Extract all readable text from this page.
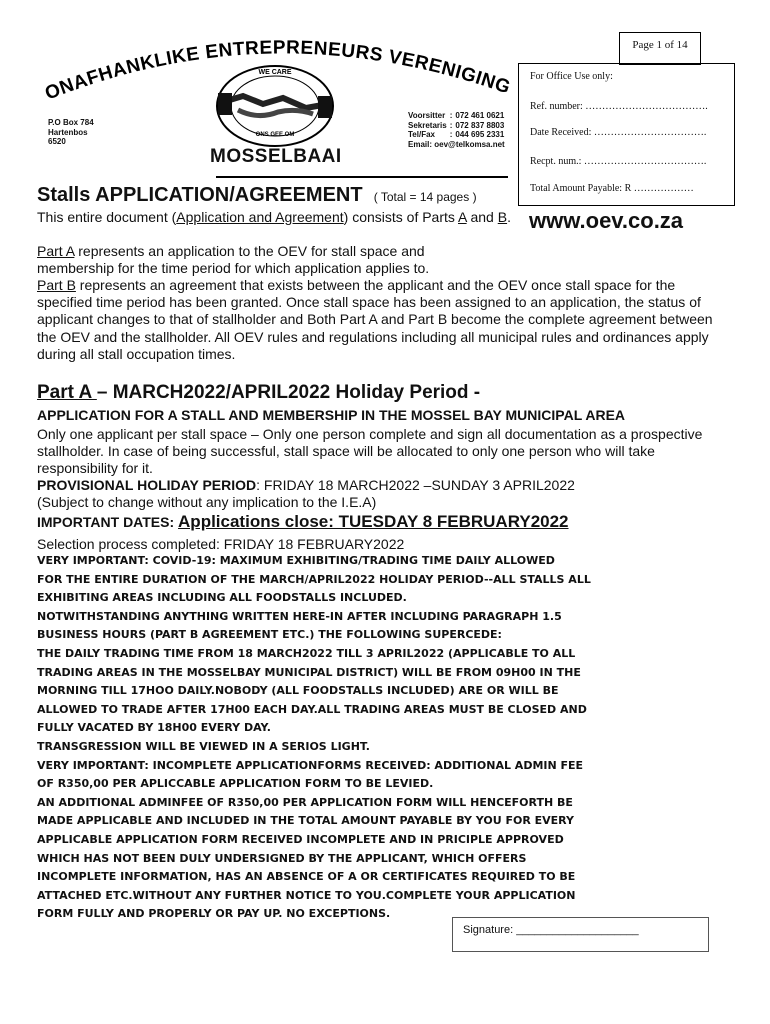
Page 1 of 14
For Office Use only:
Ref. number: ……………………………….
Date Received: …………………………….
Recpt. num.: ……………………………….
Total Amount Payable: R ………………
ONAFHANKLIKE ENTREPRENEURS VERENIGING
WE CARE
ONS GEE OM
P.O Box 784
Hartenbos
6520
Voorsitter	:	072 461 0621
Sekretaris	:	072 837 8803
Tel/Fax	:	044 695 2331
Email: oev@telkomsa.net
MOSSELBAAI
Stalls APPLICATION/AGREEMENT ( Total = 14 pages )
www.oev.co.za
This entire document (Application and Agreement) consists of Parts A and B.
Part A represents an application to the OEV for stall space and membership for the time period for which application applies to.
Part B represents an agreement that exists between the applicant and the OEV once stall space for the specified time period has been granted. Once stall space has been assigned to an application, the status of applicant changes to that of stallholder and Both Part A and Part B become the complete agreement between the OEV and the stallholder. All OEV rules and regulations including all municipal rules and ordinances apply during all stall occupation times.
Part A – MARCH2022/APRIL2022 Holiday Period -
APPLICATION FOR A STALL AND MEMBERSHIP IN THE MOSSEL BAY MUNICIPAL AREA
Only one applicant per stall space – Only one person complete and sign all documentation as a prospective stallholder. In case of being successful, stall space will be allocated to only one person who will take responsibility for it.
PROVISIONAL HOLIDAY PERIOD: FRIDAY 18 MARCH2022 –SUNDAY 3 APRIL2022
(Subject to change without any implication to the I.E.A)
IMPORTANT DATES: Applications close: TUESDAY 8 FEBRUARY2022
Selection process completed: FRIDAY 18 FEBRUARY2022
VERY IMPORTANT: COVID-19: MAXIMUM EXHIBITING/TRADING TIME DAILY ALLOWED
FOR THE ENTIRE DURATION OF THE MARCH/APRIL2022 HOLIDAY PERIOD--ALL STALLS ALL
EXHIBITING AREAS INCLUDING ALL FOODSTALLS INCLUDED.
NOTWITHSTANDING ANYTHING WRITTEN HERE-IN AFTER INCLUDING PARAGRAPH 1.5
BUSINESS HOURS (PART B AGREEMENT ETC.) THE FOLLOWING SUPERCEDE:
THE DAILY TRADING TIME FROM 18 MARCH2022 TILL 3 APRIL2022 (APPLICABLE TO ALL
TRADING AREAS IN THE MOSSELBAY MUNICIPAL DISTRICT) WILL BE FROM 09H00 IN THE
MORNING TILL 17HOO DAILY.NOBODY (ALL FOODSTALLS INCLUDED) ARE OR WILL BE
ALLOWED TO TRADE AFTER 17H00 EACH DAY.ALL TRADING AREAS MUST BE CLOSED AND
FULLY VACATED BY 18H00 EVERY DAY.
TRANSGRESSION WILL BE VIEWED IN A SERIOS LIGHT.
VERY IMPORTANT: INCOMPLETE APPLICATIONFORMS RECEIVED: ADDITIONAL ADMIN FEE
OF R350,00 PER APLICCABLE APPLICATION FORM TO BE LEVIED.
AN ADDITIONAL ADMINFEE OF R350,00 PER APPLICATION FORM WILL HENCEFORTH BE
MADE APPLICABLE AND INCLUDED IN THE TOTAL AMOUNT PAYABLE BY YOU FOR EVERY
APPLICABLE APPLICATION FORM RECEIVED INCOMPLETE AND IN PRICIPLE APPROVED
WHICH HAS NOT BEEN DULY UNDERSIGNED BY THE APPLICANT, WHICH OFFERS
INCOMPLETE INFORMATION, HAS AN ABSENCE OF A OR CERTIFICATES REQUIRED TO BE
ATTACHED ETC.WITHOUT ANY FURTHER NOTICE TO YOU.COMPLETE YOUR APPLICATION
FORM FULLY AND PROPERLY OR PAY UP. NO EXCEPTIONS.
Signature: ____________________
